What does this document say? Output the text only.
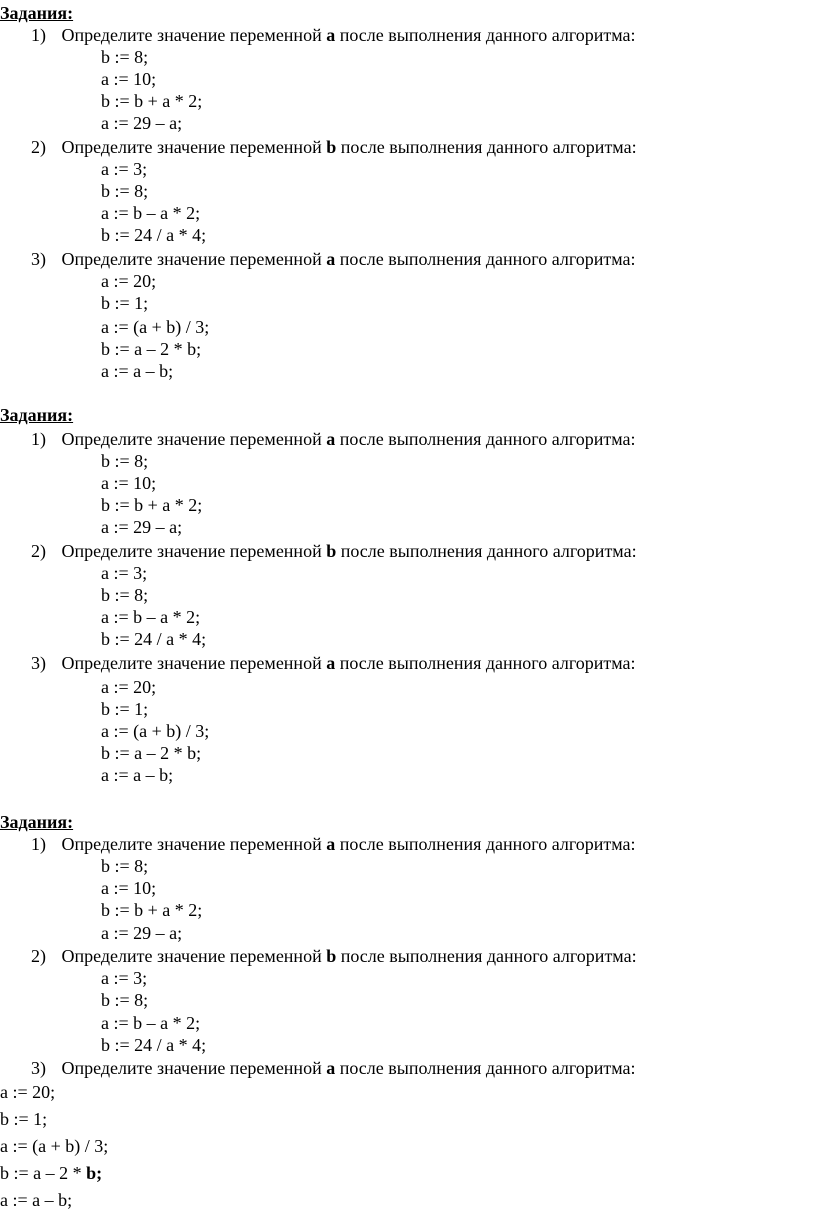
Задания:
1) Определите значение переменной a после выполнения данного алгоритма:
b := 8;
a := 10;
b := b + a * 2;
a := 29 – a;
2) Определите значение переменной b после выполнения данного алгоритма:
a := 3;
b := 8;
a := b – a * 2;
b := 24 / a * 4;
3) Определите значение переменной a после выполнения данного алгоритма:
a := 20;
b := 1;
a := (a + b) / 3;
b := a – 2 * b;
a := a – b;
Задания:
1) Определите значение переменной a после выполнения данного алгоритма:
b := 8;
a := 10;
b := b + a * 2;
a := 29 – a;
2) Определите значение переменной b после выполнения данного алгоритма:
a := 3;
b := 8;
a := b – a * 2;
b := 24 / a * 4;
3) Определите значение переменной a после выполнения данного алгоритма:
a := 20;
b := 1;
a := (a + b) / 3;
b := a – 2 * b;
a := a – b;
Задания:
1) Определите значение переменной a после выполнения данного алгоритма:
b := 8;
a := 10;
b := b + a * 2;
a := 29 – a;
2) Определите значение переменной b после выполнения данного алгоритма:
a := 3;
b := 8;
a := b – a * 2;
b := 24 / a * 4;
3) Определите значение переменной a после выполнения данного алгоритма:
a := 20;
b := 1;
a := (a + b) / 3;
b := a – 2 * b;
a := a – b;
